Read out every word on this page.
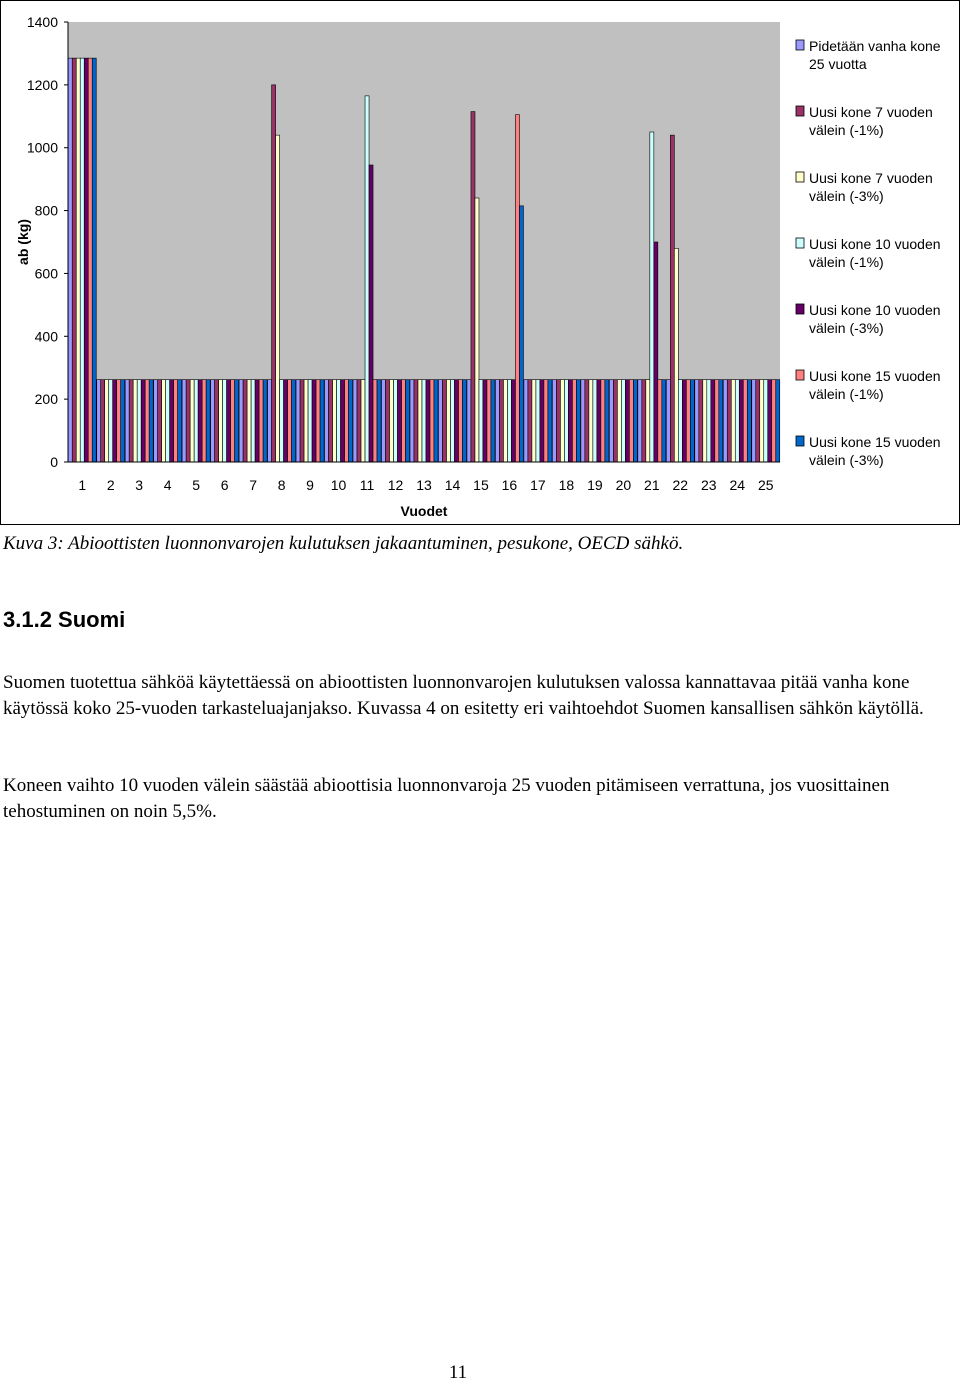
0
200
400
600
800
1000
1200
1400
1 2 3 4 5 6 7 8 9 10 11 12 13 14 15 16 17 18 19 20 21 22 23 24 25
ab (kg)
Vuodet
Pidetään vanha kone
25 vuotta
Uusi kone 7 vuoden
välein (-1%)
Uusi kone 7 vuoden
välein (-3%)
Uusi kone 10 vuoden
välein (-1%)
Uusi kone 10 vuoden
välein (-3%)
Uusi kone 15 vuoden
välein (-1%)
Uusi kone 15 vuoden
välein (-3%)
Kuva 3: Abioottisten luonnonvarojen kulutuksen jakaantuminen, pesukone, OECD sähkö.
3.1.2 Suomi

Suomen tuotettua sähköä käytettäessä on abioottisten luonnonvarojen kulutuksen valossa kannattavaa pitää vanha kone käytössä koko 25-vuoden tarkasteluajanjakso. Kuvassa 4 on esitetty eri vaihtoehdot Suomen kansallisen sähkön käytöllä.

Koneen vaihto 10 vuoden välein säästää abioottisia luonnonvaroja 25 vuoden pitämiseen verrattuna, jos vuosittainen tehostuminen on noin 5,5%.

11
